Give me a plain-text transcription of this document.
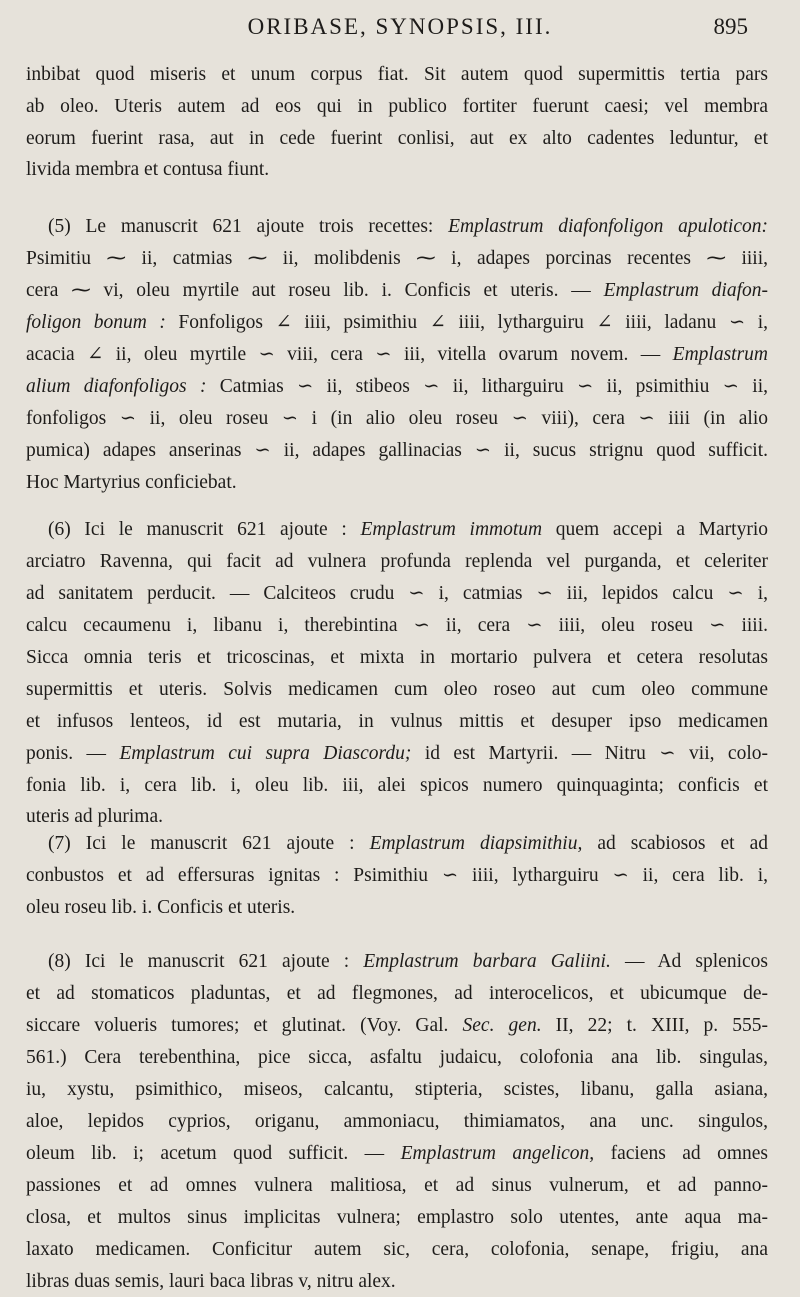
ORIBASE, SYNOPSIS, III.	895
inbibat quod miseris et unum corpus fiat. Sit autem quod supermittis tertia pars
ab oleo. Uteris autem ad eos qui in publico fortiter fuerunt caesi; vel membra
eorum fuerint rasa, aut in cede fuerint conlisi, aut ex alto cadentes leduntur, et
livida membra et contusa fiunt.
(5) Le manuscrit 621 ajoute trois recettes: Emplastrum diafonfoligon apuloticon:
Psimitiu ⁓ ii, catmias ⁓ ii, molibdenis ⁓ i, adapes porcinas recentes ⁓ iiii,
cera ⁓ vi, oleu myrtile aut roseu lib. i. Conficis et uteris. — Emplastrum diafon-
foligon bonum : Fonfoligos ∠ iiii, psimithiu ∠ iiii, lytharguiru ∠ iiii, ladanu ∽ i,
acacia ∠ ii, oleu myrtile ∽ viii, cera ∽ iii, vitella ovarum novem. — Emplastrum
alium diafonfoligos : Catmias ∽ ii, stibeos ∽ ii, litharguiru ∽ ii, psimithiu ∽ ii,
fonfoligos ∽ ii, oleu roseu ∽ i (in alio oleu roseu ∽ viii), cera ∽ iiii (in alio
pumica) adapes anserinas ∽ ii, adapes gallinacias ∽ ii, sucus strignu quod sufficit.
Hoc Martyrius conficiebat.
(6) Ici le manuscrit 621 ajoute : Emplastrum immotum quem accepi a Martyrio
arciatro Ravenna, qui facit ad vulnera profunda replenda vel purganda, et celeriter
ad sanitatem perducit. — Calciteos crudu ∽ i, catmias ∽ iii, lepidos calcu ∽ i,
calcu cecaumenu i, libanu i, therebintina ∽ ii, cera ∽ iiii, oleu roseu ∽ iiii.
Sicca omnia teris et tricoscinas, et mixta in mortario pulvera et cetera resolutas
supermittis et uteris. Solvis medicamen cum oleo roseo aut cum oleo commune
et infusos lenteos, id est mutaria, in vulnus mittis et desuper ipso medicamen
ponis. — Emplastrum cui supra Diascordu; id est Martyrii. — Nitru ∽ vii, colo-
fonia lib. i, cera lib. i, oleu lib. iii, alei spicos numero quinquaginta; conficis et
uteris ad plurima.
(7) Ici le manuscrit 621 ajoute : Emplastrum diapsimithiu, ad scabiosos et ad
conbustos et ad effersuras ignitas : Psimithiu ∽ iiii, lytharguiru ∽ ii, cera lib. i,
oleu roseu lib. i. Conficis et uteris.
(8) Ici le manuscrit 621 ajoute : Emplastrum barbara Galiini. — Ad splenicos
et ad stomaticos pladuntas, et ad flegmones, ad interocelicos, et ubicumque de-
siccare volueris tumores; et glutinat. (Voy. Gal. Sec. gen. II, 22; t. XIII, p. 555-
561.) Cera terebenthina, pice sicca, asfaltu judaicu, colofonia ana lib. singulas,
iu, xystu, psimithico, miseos, calcantu, stipteria, scistes, libanu, galla asiana,
aloe, lepidos cyprios, origanu, ammoniacu, thimiamatos, ana unc. singulos,
oleum lib. i; acetum quod sufficit. — Emplastrum angelicon, faciens ad omnes
passiones et ad omnes vulnera malitiosa, et ad sinus vulnerum, et ad panno-
closa, et multos sinus implicitas vulnera; emplastro solo utentes, ante aqua ma-
laxato medicamen. Conficitur autem sic, cera, colofonia, senape, frigiu, ana
libras duas semis, lauri baca libras v, nitru alex.
